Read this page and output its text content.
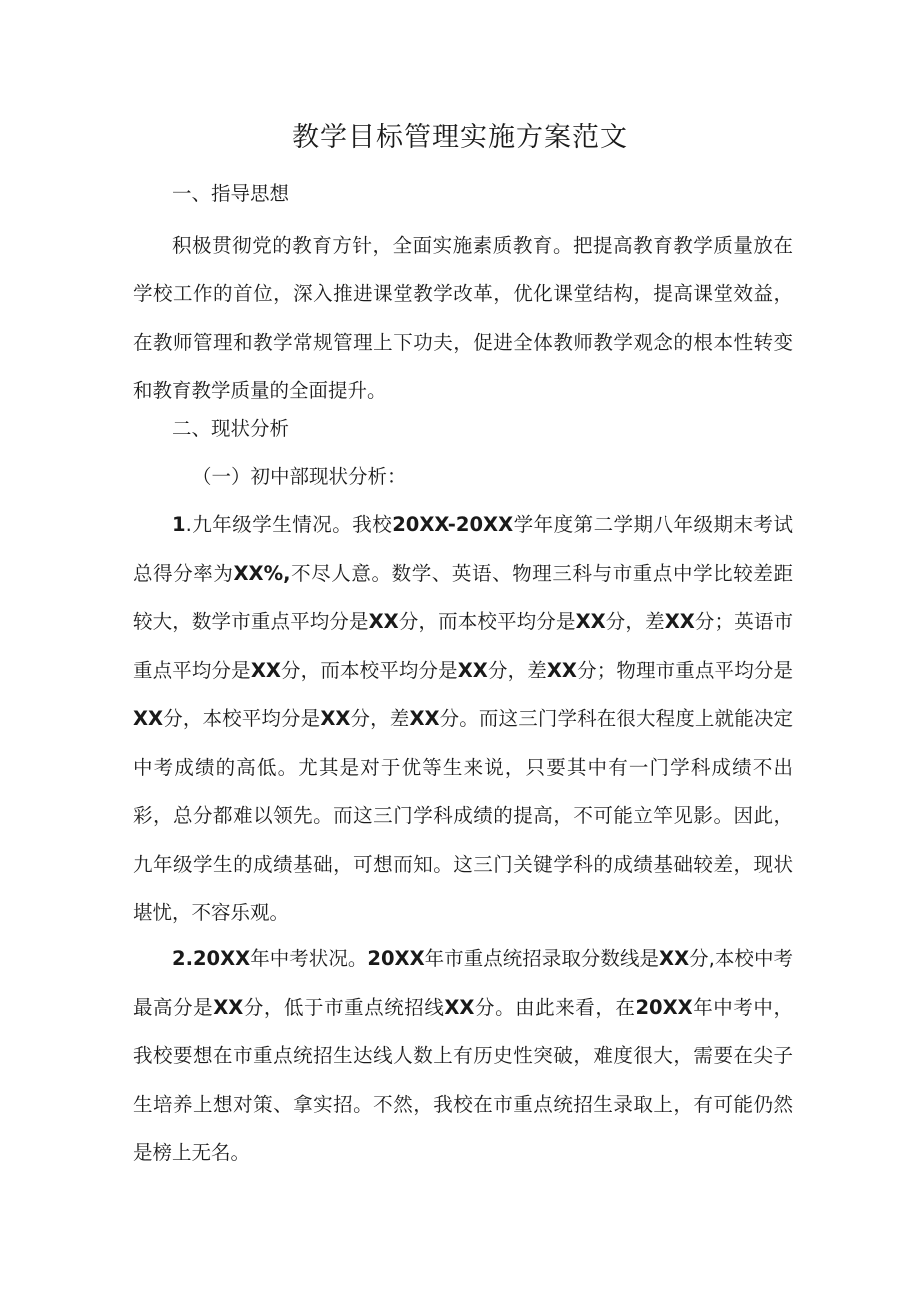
教学目标管理实施方案范文

一、指导思想

积极贯彻党的教育方针，全面实施素质教育。把提高教育教学质量放在学校工作的首位，深入推进课堂教学改革，优化课堂结构，提高课堂效益，在教师管理和教学常规管理上下功夫，促进全体教师教学观念的根本性转变和教育教学质量的全面提升。

二、现状分析

（一）初中部现状分析：

1.九年级学生情况。我校20XX-20XX学年度第二学期八年级期末考试总得分率为XX%,不尽人意。数学、英语、物理三科与市重点中学比较差距较大，数学市重点平均分是XX分，而本校平均分是XX分，差XX分；英语市重点平均分是XX分，而本校平均分是XX分，差XX分；物理市重点平均分是XX分，本校平均分是XX分，差XX分。而这三门学科在很大程度上就能决定中考成绩的高低。尤其是对于优等生来说，只要其中有一门学科成绩不出彩，总分都难以领先。而这三门学科成绩的提高，不可能立竿见影。因此，九年级学生的成绩基础，可想而知。这三门关键学科的成绩基础较差，现状堪忧，不容乐观。

2.20XX年中考状况。20XX年市重点统招录取分数线是XX分,本校中考最高分是XX分，低于市重点统招线XX分。由此来看，在20XX年中考中，我校要想在市重点统招生达线人数上有历史性突破，难度很大，需要在尖子生培养上想对策、拿实招。不然，我校在市重点统招生录取上，有可能仍然是榜上无名。
